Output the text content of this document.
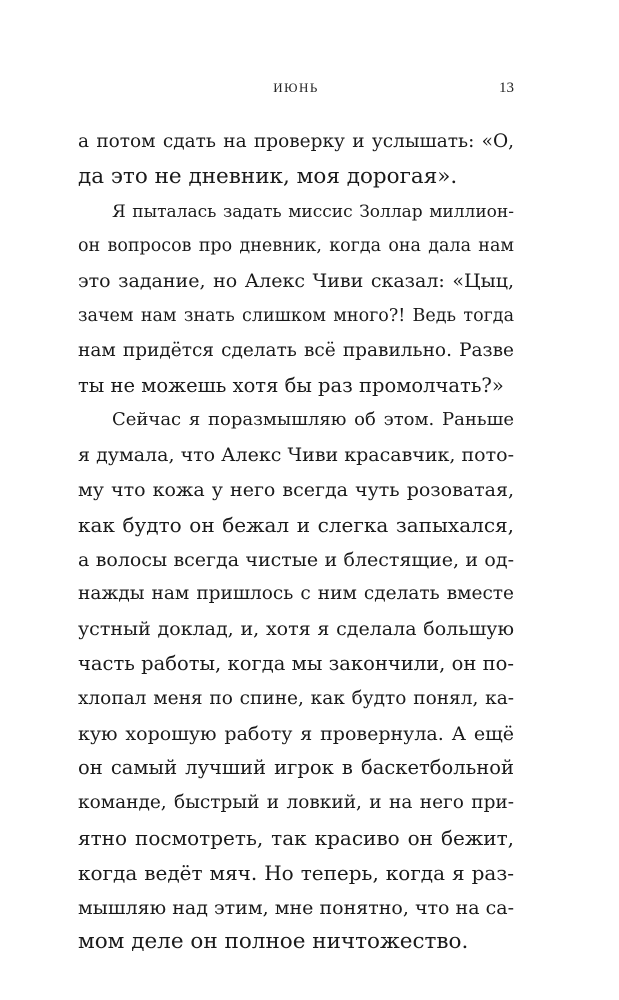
ИЮНЬ	13
а потом сдать на проверку и услышать: «О,
да это не дневник, моя дорогая».
Я пыталась задать миссис Золлар миллион-
он вопросов про дневник, когда она дала нам
это задание, но Алекс Чиви сказал: «Цыц,
зачем нам знать слишком много?! Ведь тогда
нам придётся сделать всё правильно. Разве
ты не можешь хотя бы раз промолчать?»
Сейчас я поразмышляю об этом. Раньше
я думала, что Алекс Чиви красавчик, пото-
му что кожа у него всегда чуть розоватая,
как будто он бежал и слегка запыхался,
а волосы всегда чистые и блестящие, и од-
нажды нам пришлось с ним сделать вместе
устный доклад, и, хотя я сделала большую
часть работы, когда мы закончили, он по-
хлопал меня по спине, как будто понял, ка-
кую хорошую работу я провернула. А ещё
он самый лучший игрок в баскетбольной
команде, быстрый и ловкий, и на него при-
ятно посмотреть, так красиво он бежит,
когда ведёт мяч. Но теперь, когда я раз-
мышляю над этим, мне понятно, что на са-
мом деле он полное ничтожество.
